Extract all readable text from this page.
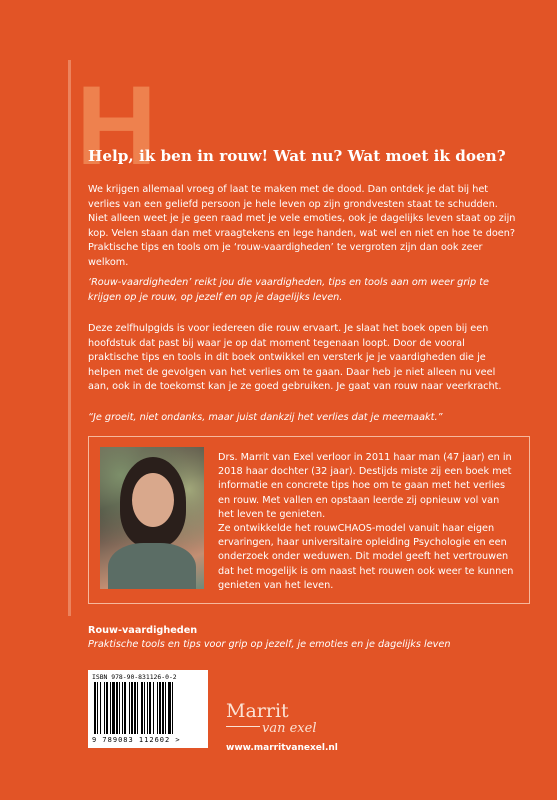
H
Help, ik ben in rouw! Wat nu? Wat moet ik doen?

We krijgen allemaal vroeg of laat te maken met de dood. Dan ontdek je dat bij het verlies van een geliefd persoon je hele leven op zijn grondvesten staat te schudden. Niet alleen weet je je geen raad met je vele emoties, ook je dagelijks leven staat op zijn kop. Velen staan dan met vraagtekens en lege handen, wat wel en niet en hoe te doen? Praktische tips en tools om je ‘rouw-vaardigheden’ te vergroten zijn dan ook zeer welkom.

‘Rouw-vaardigheden’ reikt jou die vaardigheden, tips en tools aan om weer grip te krijgen op je rouw, op jezelf en op je dagelijks leven.

Deze zelfhulpgids is voor iedereen die rouw ervaart. Je slaat het boek open bij een hoofdstuk dat past bij waar je op dat moment tegenaan loopt. Door de vooral praktische tips en tools in dit boek ontwikkel en versterk je je vaardigheden die je helpen met de gevolgen van het verlies om te gaan. Daar heb je niet alleen nu veel aan, ook in de toekomst kan je ze goed gebruiken. Je gaat van rouw naar veerkracht.

“Je groeit, niet ondanks, maar juist dankzij het verlies dat je meemaakt.”

Drs. Marrit van Exel verloor in 2011 haar man (47 jaar) en in 2018 haar dochter (32 jaar). Destijds miste zij een boek met informatie en concrete tips hoe om te gaan met het verlies en rouw. Met vallen en opstaan leerde zij opnieuw vol van het leven te genieten.
Ze ontwikkelde het rouwCHAOS-model vanuit haar eigen ervaringen, haar universitaire opleiding Psychologie en een onderzoek onder weduwen. Dit model geeft het vertrouwen dat het mogelijk is om naast het rouwen ook weer te kunnen genieten van het leven.
Rouw-vaardigheden
Praktische tools en tips voor grip op jezelf, je emoties en je dagelijks leven
ISBN 978-90-831126-0-2
9 789083 112602 >
Marrit
van exel
www.marritvanexel.nl
